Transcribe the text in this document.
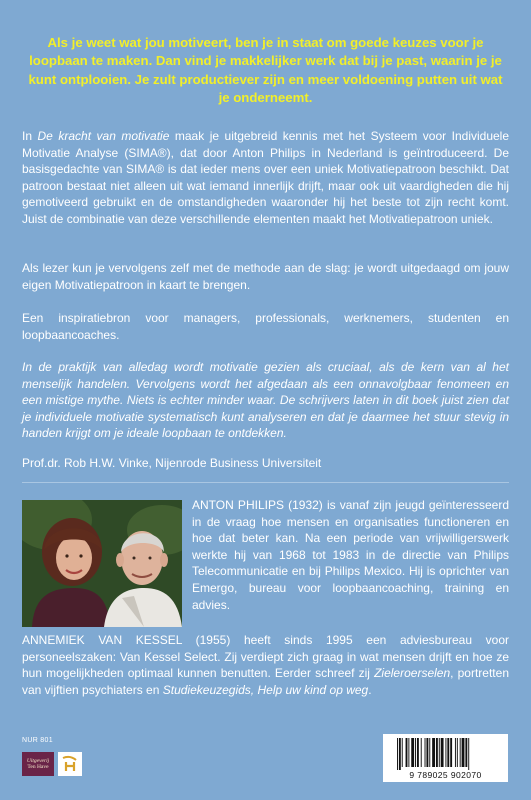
Als je weet wat jou motiveert, ben je in staat om goede keuzes voor je loopbaan te maken. Dan vind je makkelijker werk dat bij je past, waarin je je kunt ontplooien. Je zult productiever zijn en meer voldoening putten uit wat je onderneemt.

In De kracht van motivatie maak je uitgebreid kennis met het Systeem voor Individuele Motivatie Analyse (SIMA®), dat door Anton Philips in Nederland is geïntroduceerd. De basisgedachte van SIMA® is dat ieder mens over een uniek Motivatiepatroon beschikt. Dat patroon bestaat niet alleen uit wat iemand innerlijk drijft, maar ook uit vaardigheden die hij gemotiveerd gebruikt en de omstandigheden waaronder hij het beste tot zijn recht komt. Juist de combinatie van deze verschillende elementen maakt het Motivatiepatroon uniek.

Als lezer kun je vervolgens zelf met de methode aan de slag: je wordt uitgedaagd om jouw eigen Motivatiepatroon in kaart te brengen.

Een inspiratiebron voor managers, professionals, werknemers, studenten en loopbaancoaches.

In de praktijk van alledag wordt motivatie gezien als cruciaal, als de kern van al het menselijk handelen. Vervolgens wordt het afgedaan als een onnavolgbaar fenomeen en een mistige mythe. Niets is echter minder waar. De schrijvers laten in dit boek juist zien dat je individuele motivatie systematisch kunt analyseren en dat je daarmee het stuur stevig in handen krijgt om je ideale loopbaan te ontdekken.

Prof.dr. Rob H.W. Vinke, Nijenrode Business Universiteit

ANTON PHILIPS (1932) is vanaf zijn jeugd geïnteresseerd in de vraag hoe mensen en organisaties functioneren en hoe dat beter kan. Na een periode van vrijwilligerswerk werkte hij van 1968 tot 1983 in de directie van Philips Telecommunicatie en bij Philips Mexico. Hij is oprichter van Emergo, bureau voor loopbaancoaching, training en advies.

ANNEMIEK VAN KESSEL (1955) heeft sinds 1995 een adviesbureau voor personeelszaken: Van Kessel Select. Zij verdiept zich graag in wat mensen drijft en hoe ze hun mogelijkheden optimaal kunnen benutten. Eerder schreef zij Zieleroerselen, portretten van vijftien psychiaters en Studiekeuzegids, Help uw kind op weg.

NUR 801
Uitgeverij
Ten Have
9 789025 902070
